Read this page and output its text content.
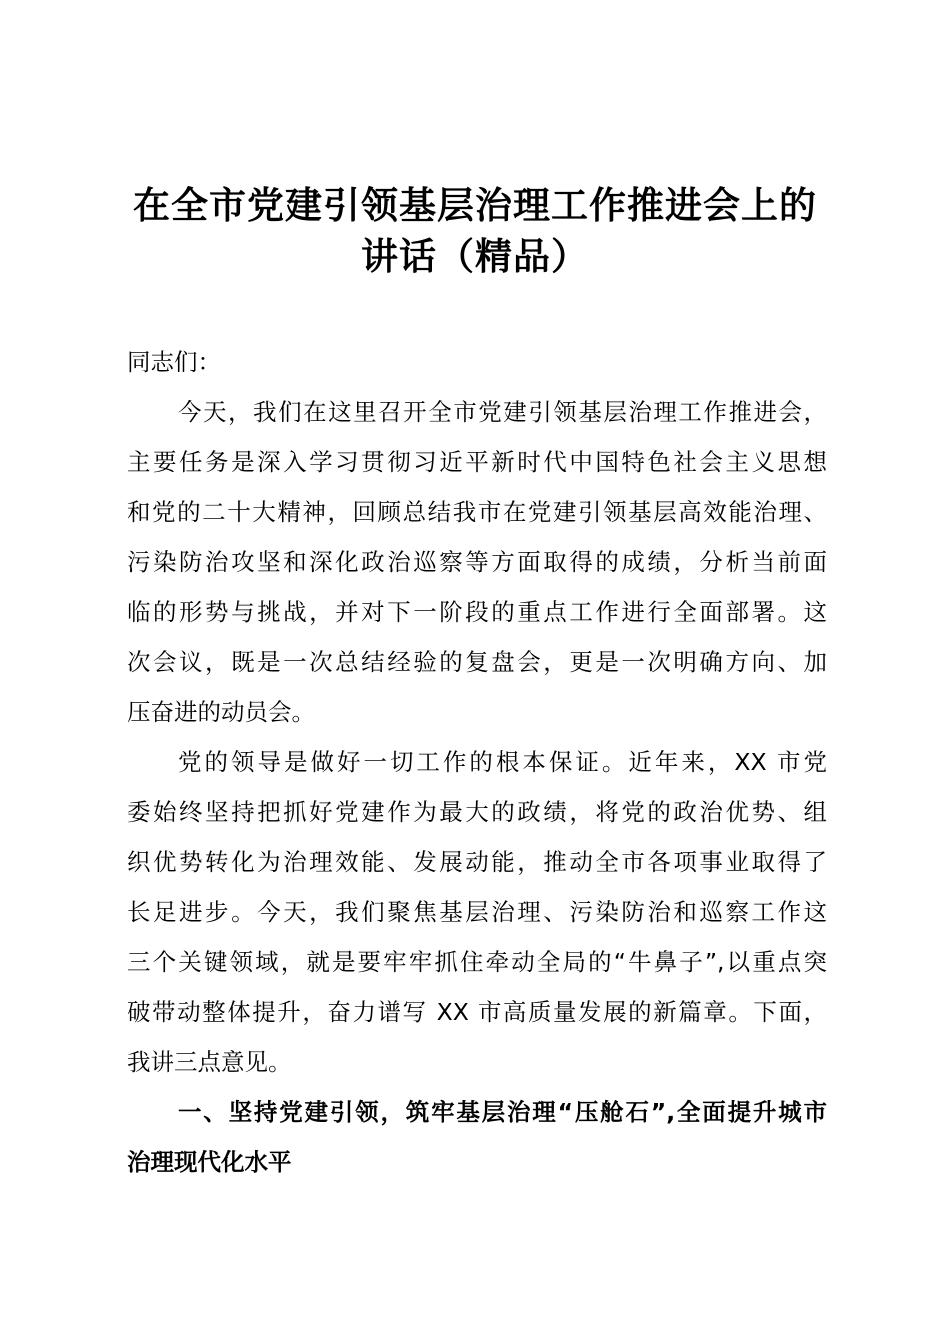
在全市党建引领基层治理工作推进会上的
讲话（精品）
同志们：
今天，我们在这里召开全市党建引领基层治理工作推进会，
主要任务是深入学习贯彻习近平新时代中国特色社会主义思想
和党的二十大精神，回顾总结我市在党建引领基层高效能治理、
污染防治攻坚和深化政治巡察等方面取得的成绩，分析当前面
临的形势与挑战，并对下一阶段的重点工作进行全面部署。这
次会议，既是一次总结经验的复盘会，更是一次明确方向、加
压奋进的动员会。
党的领导是做好一切工作的根本保证。近年来，XX 市党
委始终坚持把抓好党建作为最大的政绩，将党的政治优势、组
织优势转化为治理效能、发展动能，推动全市各项事业取得了
长足进步。今天，我们聚焦基层治理、污染防治和巡察工作这
三个关键领域，就是要牢牢抓住牵动全局的“牛鼻子”,以重点突
破带动整体提升，奋力谱写 XX 市高质量发展的新篇章。下面，
我讲三点意见。
一、坚持党建引领，筑牢基层治理“压舱石”,全面提升城市
治理现代化水平
